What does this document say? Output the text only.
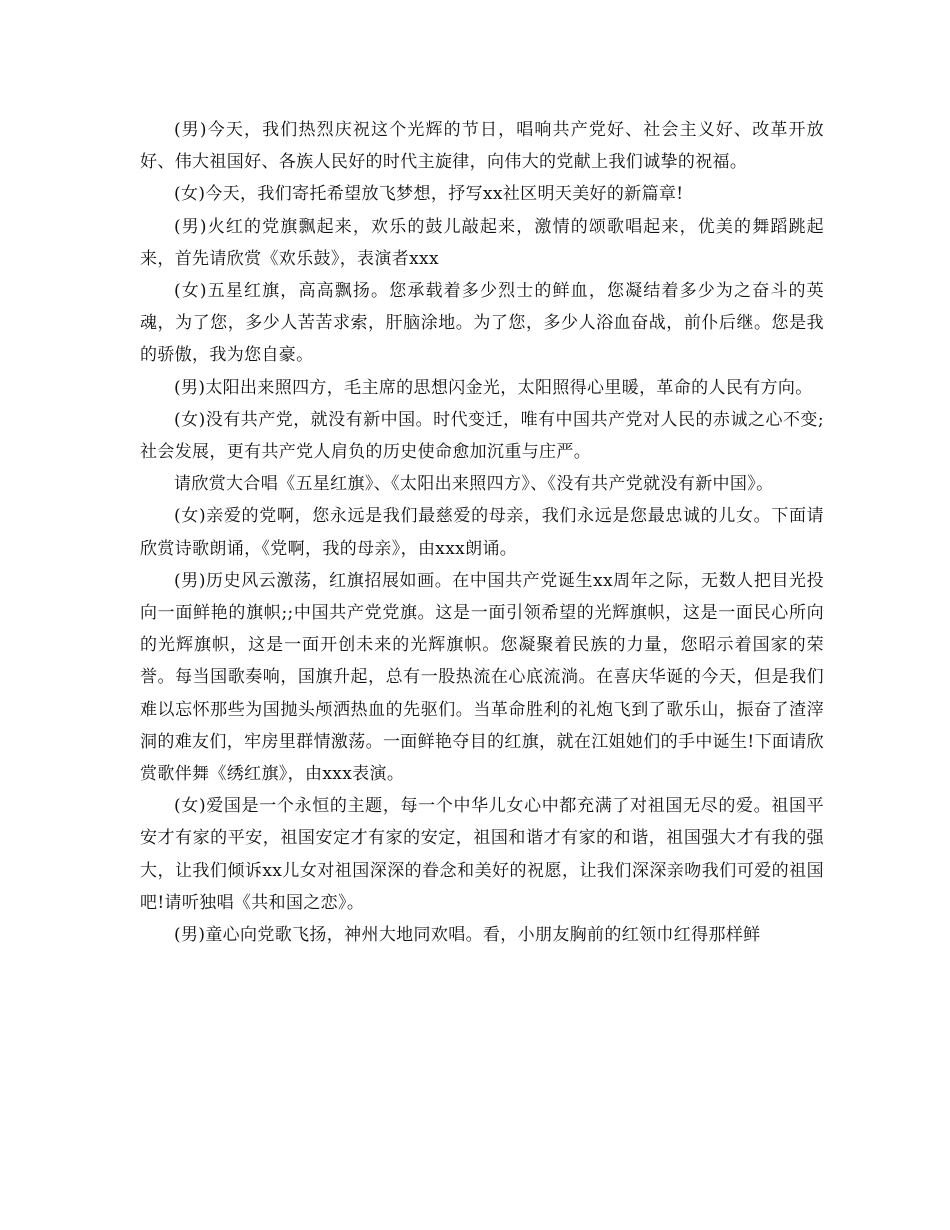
(男)今天，我们热烈庆祝这个光辉的节日，唱响共产党好、社会主义好、改革开放好、伟大祖国好、各族人民好的时代主旋律，向伟大的党献上我们诚挚的祝福。

(女)今天，我们寄托希望放飞梦想，抒写xx社区明天美好的新篇章!

(男)火红的党旗飘起来，欢乐的鼓儿敲起来，激情的颂歌唱起来，优美的舞蹈跳起来，首先请欣赏《欢乐鼓》，表演者xxx

(女)五星红旗，高高飘扬。您承载着多少烈士的鲜血，您凝结着多少为之奋斗的英魂，为了您，多少人苦苦求索，肝脑涂地。为了您，多少人浴血奋战，前仆后继。您是我的骄傲，我为您自豪。

(男)太阳出来照四方，毛主席的思想闪金光，太阳照得心里暖，革命的人民有方向。

(女)没有共产党，就没有新中国。时代变迁，唯有中国共产党对人民的赤诚之心不变;社会发展，更有共产党人肩负的历史使命愈加沉重与庄严。

请欣赏大合唱《五星红旗》、《太阳出来照四方》、《没有共产党就没有新中国》。

(女)亲爱的党啊，您永远是我们最慈爱的母亲，我们永远是您最忠诚的儿女。下面请欣赏诗歌朗诵，《党啊，我的母亲》，由xxx朗诵。

(男)历史风云激荡，红旗招展如画。在中国共产党诞生xx周年之际，无数人把目光投向一面鲜艳的旗帜;;中国共产党党旗。这是一面引领希望的光辉旗帜，这是一面民心所向的光辉旗帜，这是一面开创未来的光辉旗帜。您凝聚着民族的力量，您昭示着国家的荣誉。每当国歌奏响，国旗升起，总有一股热流在心底流淌。在喜庆华诞的今天，但是我们难以忘怀那些为国抛头颅洒热血的先驱们。当革命胜利的礼炮飞到了歌乐山，振奋了渣滓洞的难友们，牢房里群情激荡。一面鲜艳夺目的红旗，就在江姐她们的手中诞生!下面请欣赏歌伴舞《绣红旗》，由xxx表演。

(女)爱国是一个永恒的主题，每一个中华儿女心中都充满了对祖国无尽的爱。祖国平安才有家的平安，祖国安定才有家的安定，祖国和谐才有家的和谐，祖国强大才有我的强大，让我们倾诉xx儿女对祖国深深的眷念和美好的祝愿，让我们深深亲吻我们可爱的祖国吧!请听独唱《共和国之恋》。

(男)童心向党歌飞扬，神州大地同欢唱。看，小朋友胸前的红领巾红得那样鲜
